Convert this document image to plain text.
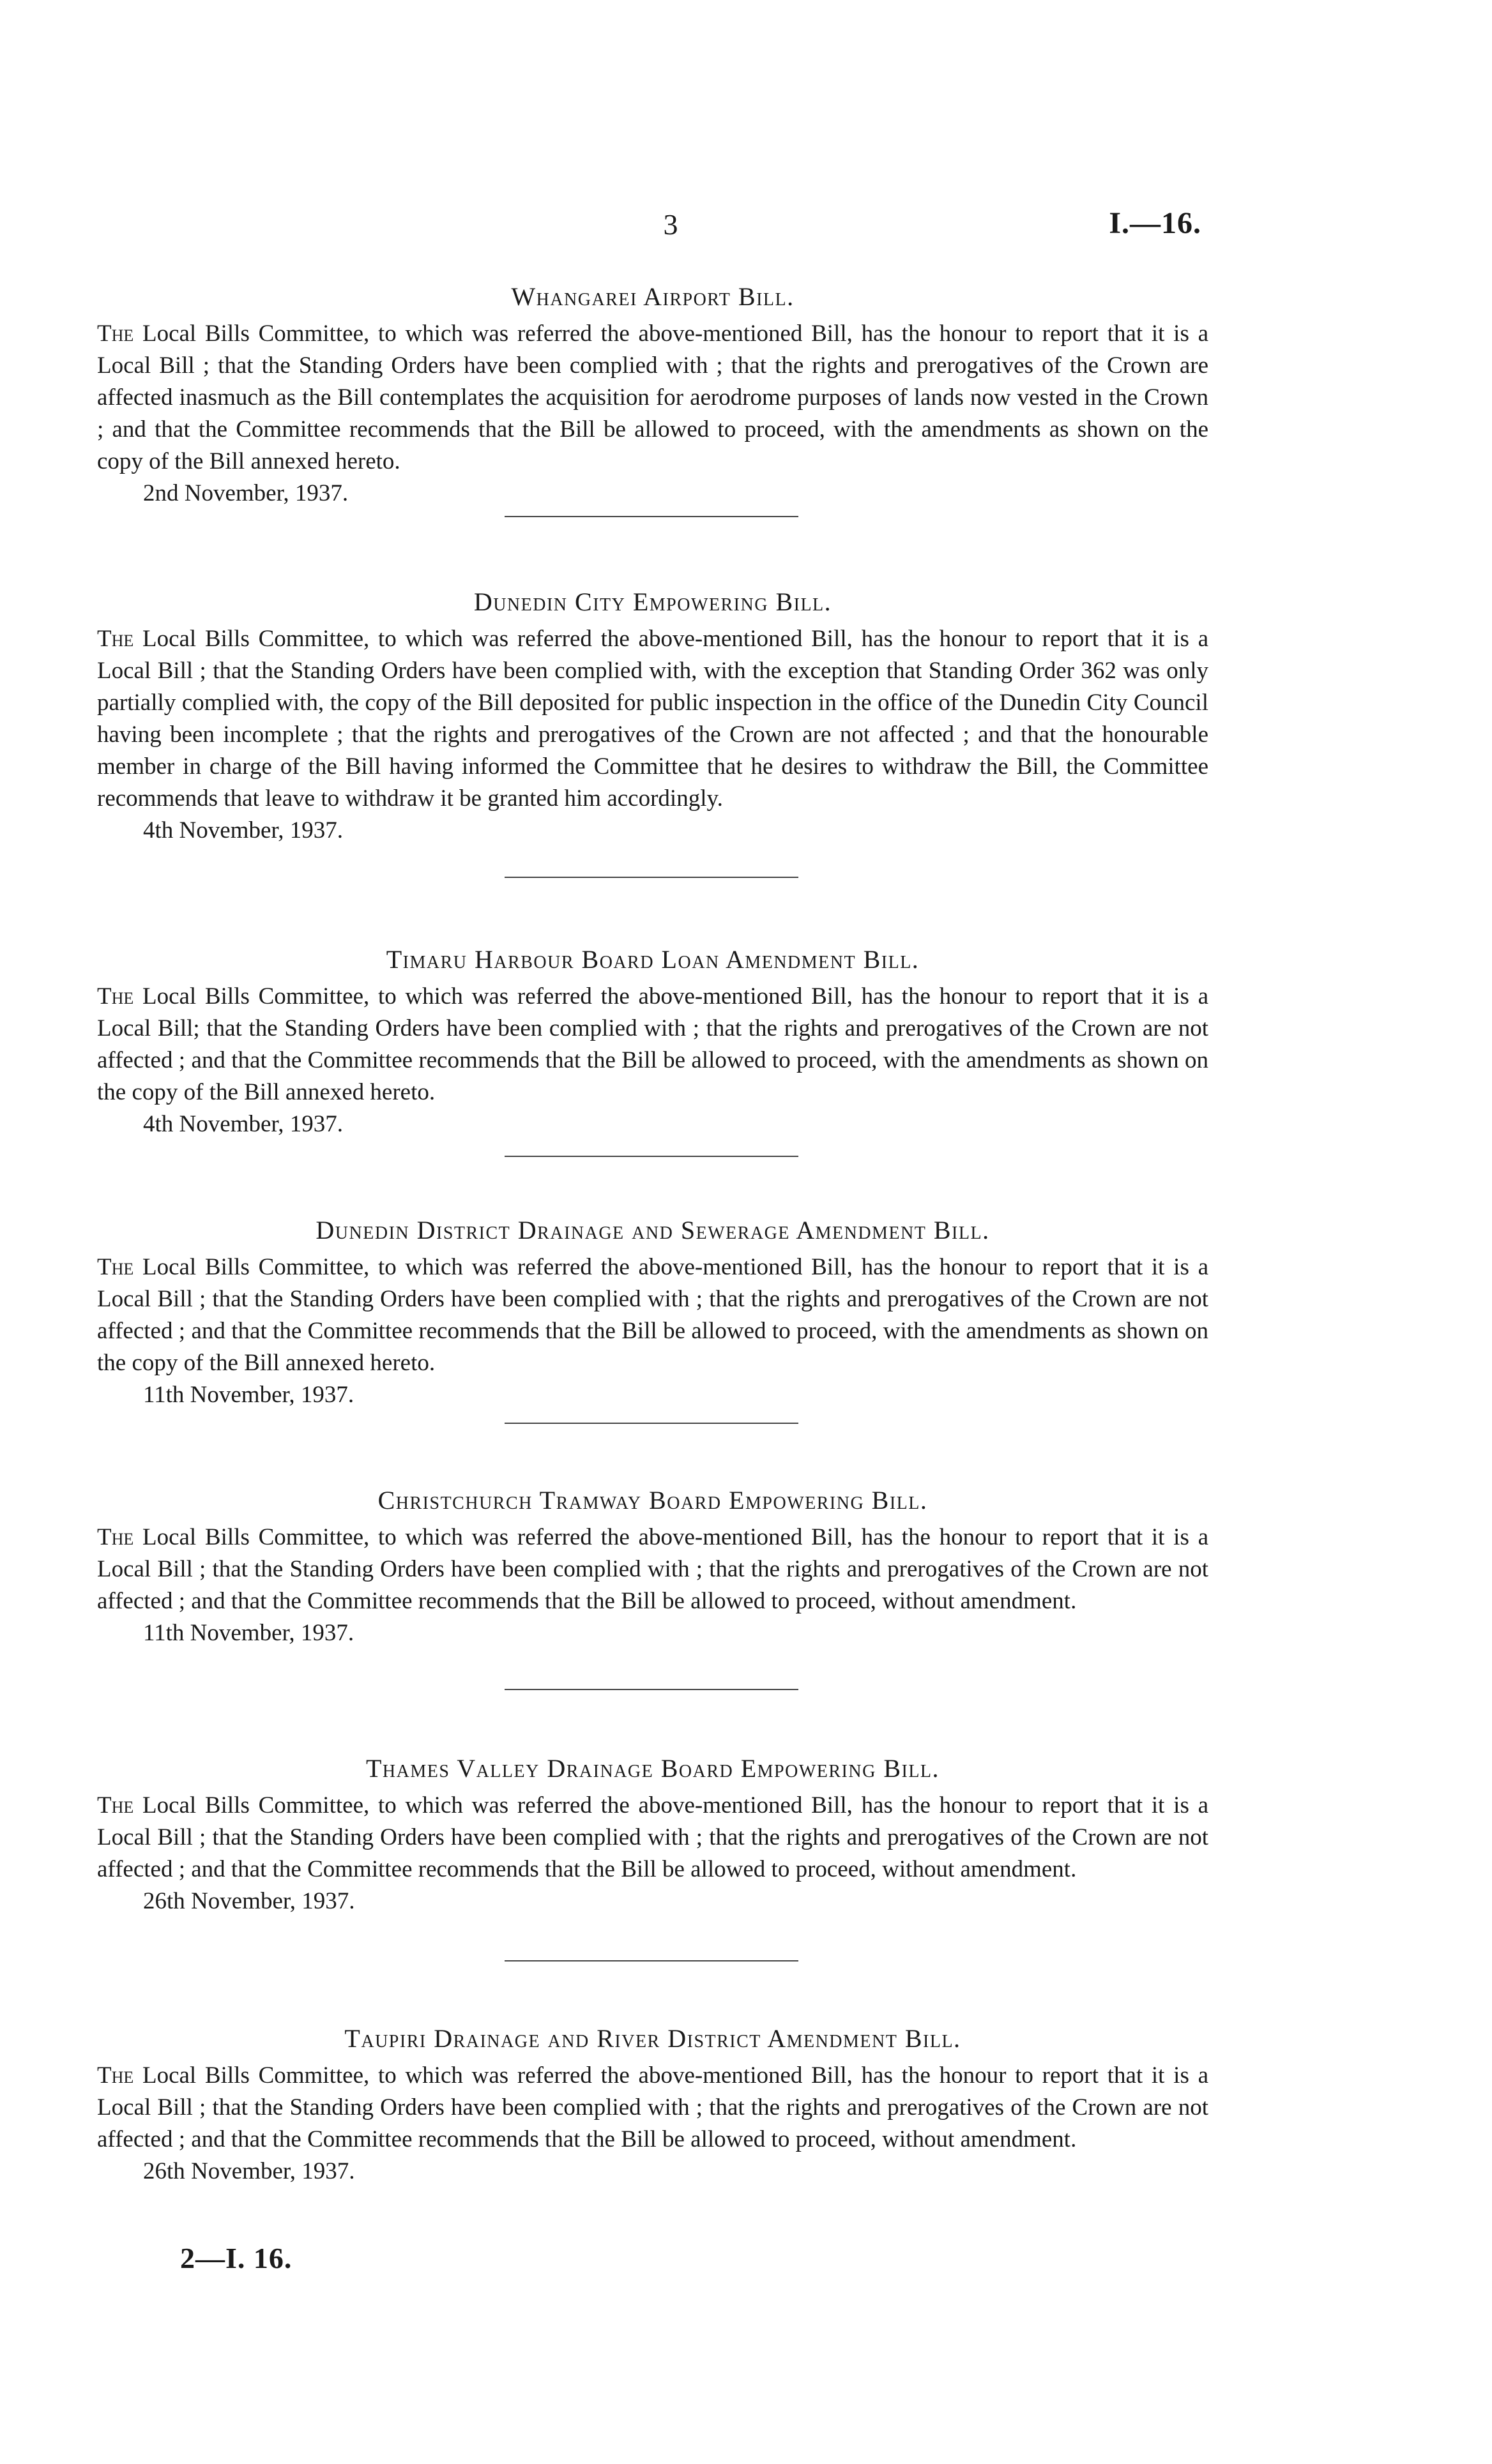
3	I.—16.
Whangarei Airport Bill.
The Local Bills Committee, to which was referred the above-mentioned Bill, has the honour to report that it is a Local Bill ; that the Standing Orders have been complied with ; that the rights and prerogatives of the Crown are affected inasmuch as the Bill contemplates the acquisition for aerodrome purposes of lands now vested in the Crown ; and that the Committee recommends that the Bill be allowed to proceed, with the amendments as shown on the copy of the Bill annexed hereto.
2nd November, 1937.
Dunedin City Empowering Bill.
The Local Bills Committee, to which was referred the above-mentioned Bill, has the honour to report that it is a Local Bill ; that the Standing Orders have been complied with, with the exception that Standing Order 362 was only partially complied with, the copy of the Bill deposited for public inspection in the office of the Dunedin City Council having been incomplete ; that the rights and prerogatives of the Crown are not affected ; and that the honourable member in charge of the Bill having informed the Committee that he desires to withdraw the Bill, the Committee recommends that leave to withdraw it be granted him accordingly.
4th November, 1937.
Timaru Harbour Board Loan Amendment Bill.
The Local Bills Committee, to which was referred the above-mentioned Bill, has the honour to report that it is a Local Bill; that the Standing Orders have been complied with ; that the rights and prerogatives of the Crown are not affected ; and that the Committee recommends that the Bill be allowed to proceed, with the amendments as shown on the copy of the Bill annexed hereto.
4th November, 1937.
Dunedin District Drainage and Sewerage Amendment Bill.
The Local Bills Committee, to which was referred the above-mentioned Bill, has the honour to report that it is a Local Bill ; that the Standing Orders have been complied with ; that the rights and prerogatives of the Crown are not affected ; and that the Committee recommends that the Bill be allowed to proceed, with the amendments as shown on the copy of the Bill annexed hereto.
11th November, 1937.
Christchurch Tramway Board Empowering Bill.
The Local Bills Committee, to which was referred the above-mentioned Bill, has the honour to report that it is a Local Bill ; that the Standing Orders have been complied with ; that the rights and prerogatives of the Crown are not affected ; and that the Committee recommends that the Bill be allowed to proceed, without amendment.
11th November, 1937.
Thames Valley Drainage Board Empowering Bill.
The Local Bills Committee, to which was referred the above-mentioned Bill, has the honour to report that it is a Local Bill ; that the Standing Orders have been complied with ; that the rights and prerogatives of the Crown are not affected ; and that the Committee recommends that the Bill be allowed to proceed, without amendment.
26th November, 1937.
Taupiri Drainage and River District Amendment Bill.
The Local Bills Committee, to which was referred the above-mentioned Bill, has the honour to report that it is a Local Bill ; that the Standing Orders have been complied with ; that the rights and prerogatives of the Crown are not affected ; and that the Committee recommends that the Bill be allowed to proceed, without amendment.
26th November, 1937.
2—I. 16.
